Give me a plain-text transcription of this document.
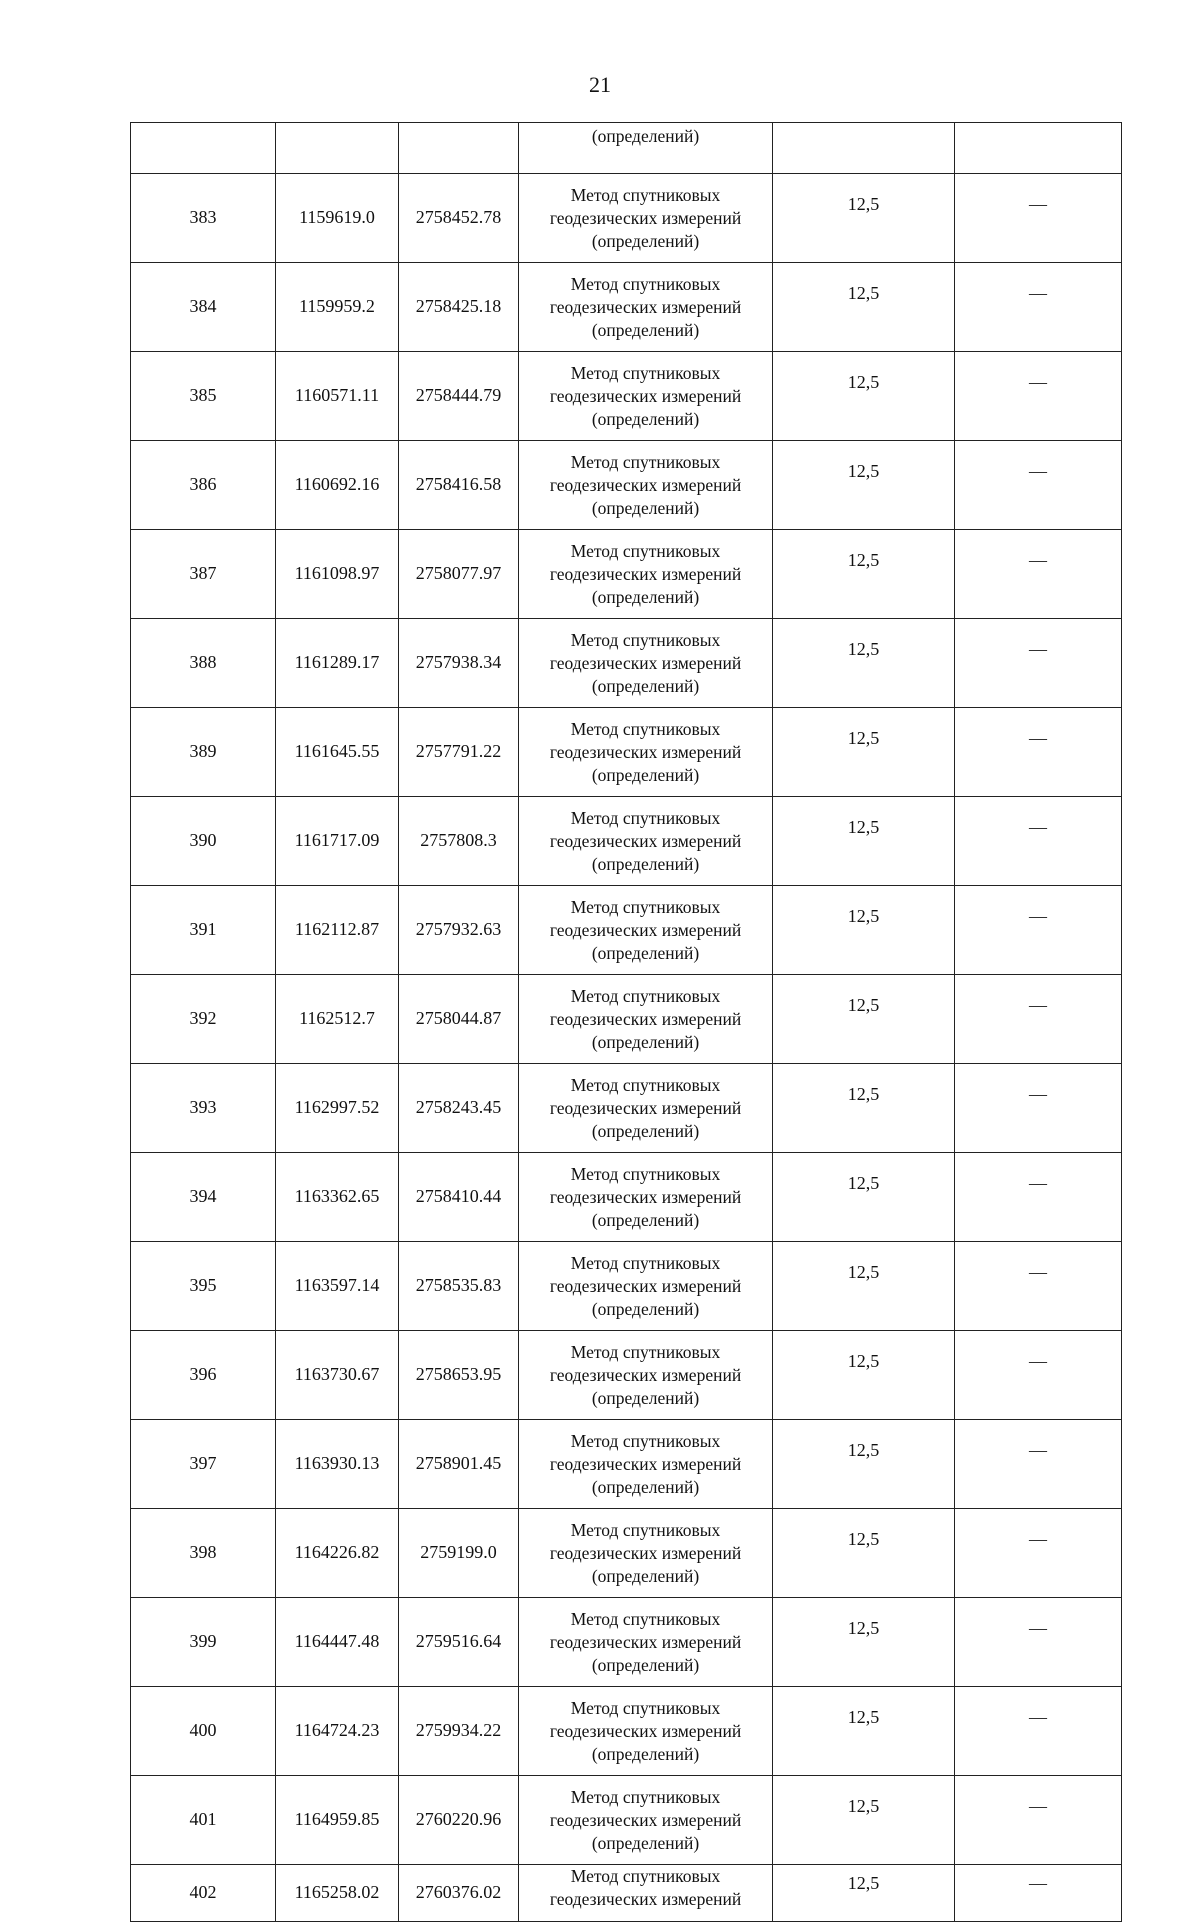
21
			(определений)		
383	1159619.0	2758452.78	Метод спутниковых
геодезических измерений
(определений)	12,5	—
384	1159959.2	2758425.18	Метод спутниковых
геодезических измерений
(определений)	12,5	—
385	1160571.11	2758444.79	Метод спутниковых
геодезических измерений
(определений)	12,5	—
386	1160692.16	2758416.58	Метод спутниковых
геодезических измерений
(определений)	12,5	—
387	1161098.97	2758077.97	Метод спутниковых
геодезических измерений
(определений)	12,5	—
388	1161289.17	2757938.34	Метод спутниковых
геодезических измерений
(определений)	12,5	—
389	1161645.55	2757791.22	Метод спутниковых
геодезических измерений
(определений)	12,5	—
390	1161717.09	2757808.3	Метод спутниковых
геодезических измерений
(определений)	12,5	—
391	1162112.87	2757932.63	Метод спутниковых
геодезических измерений
(определений)	12,5	—
392	1162512.7	2758044.87	Метод спутниковых
геодезических измерений
(определений)	12,5	—
393	1162997.52	2758243.45	Метод спутниковых
геодезических измерений
(определений)	12,5	—
394	1163362.65	2758410.44	Метод спутниковых
геодезических измерений
(определений)	12,5	—
395	1163597.14	2758535.83	Метод спутниковых
геодезических измерений
(определений)	12,5	—
396	1163730.67	2758653.95	Метод спутниковых
геодезических измерений
(определений)	12,5	—
397	1163930.13	2758901.45	Метод спутниковых
геодезических измерений
(определений)	12,5	—
398	1164226.82	2759199.0	Метод спутниковых
геодезических измерений
(определений)	12,5	—
399	1164447.48	2759516.64	Метод спутниковых
геодезических измерений
(определений)	12,5	—
400	1164724.23	2759934.22	Метод спутниковых
геодезических измерений
(определений)	12,5	—
401	1164959.85	2760220.96	Метод спутниковых
геодезических измерений
(определений)	12,5	—
402	1165258.02	2760376.02	Метод спутниковых
геодезических измерений	12,5	—
